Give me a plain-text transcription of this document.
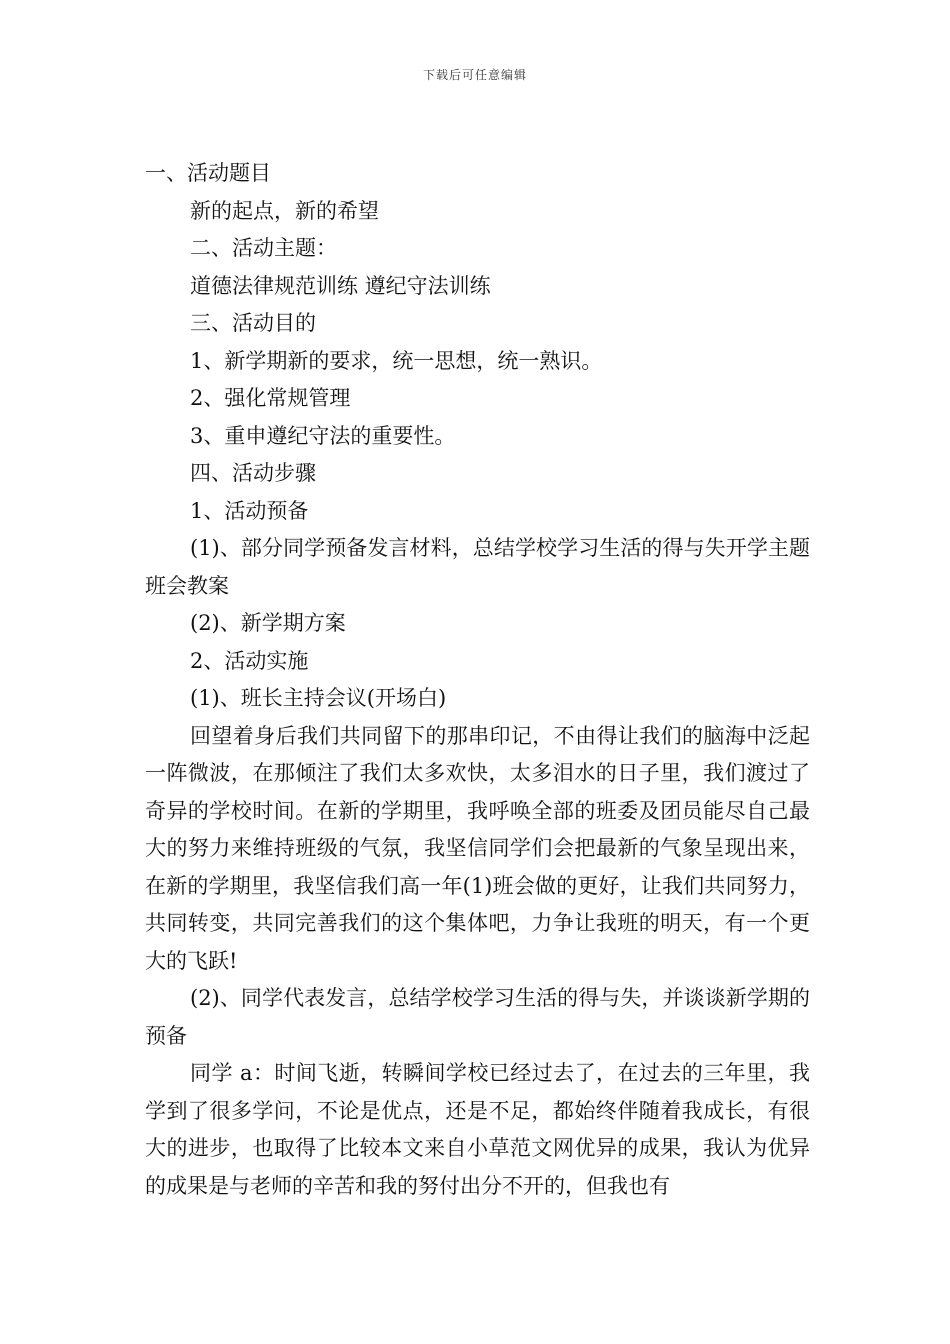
下载后可任意编辑

一、活动题目

新的起点，新的希望

二、活动主题：

道德法律规范训练 遵纪守法训练

三、活动目的

1、新学期新的要求，统一思想，统一熟识。

2、强化常规管理

3、重申遵纪守法的重要性。

四、活动步骤

1、活动预备

(1)、部分同学预备发言材料，总结学校学习生活的得与失开学主题班会教案

(2)、新学期方案

2、活动实施

(1)、班长主持会议(开场白)

回望着身后我们共同留下的那串印记，不由得让我们的脑海中泛起一阵微波，在那倾注了我们太多欢快，太多泪水的日子里，我们渡过了奇异的学校时间。在新的学期里，我呼唤全部的班委及团员能尽自己最大的努力来维持班级的气氛，我坚信同学们会把最新的气象呈现出来，在新的学期里，我坚信我们高一年(1)班会做的更好，让我们共同努力，共同转变，共同完善我们的这个集体吧，力争让我班的明天，有一个更大的飞跃!

(2)、同学代表发言，总结学校学习生活的得与失，并谈谈新学期的预备

同学 a：时间飞逝，转瞬间学校已经过去了，在过去的三年里，我学到了很多学问，不论是优点，还是不足，都始终伴随着我成长，有很大的进步，也取得了比较本文来自小草范文网优异的成果，我认为优异的成果是与老师的辛苦和我的努付出分不开的，但我也有
